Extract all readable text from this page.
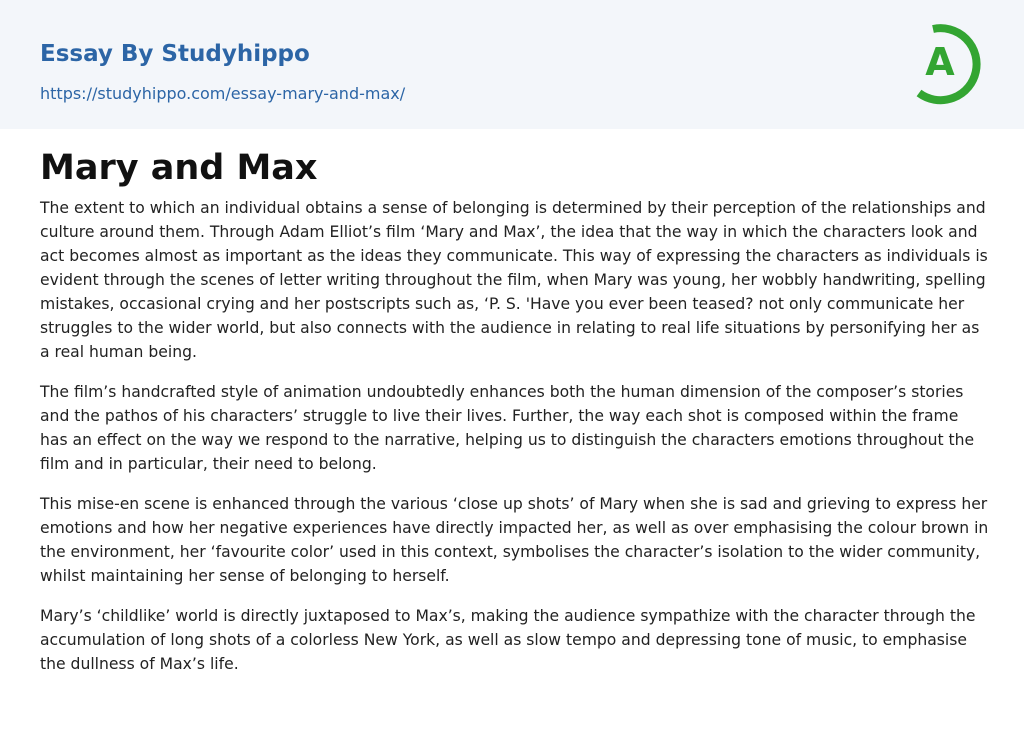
Essay By Studyhippo
https://studyhippo.com/essay-mary-and-max/
A
Mary and Max

The extent to which an individual obtains a sense of belonging is determined by their perception of the relationships and culture around them. Through Adam Elliot’s film ‘Mary and Max’, the idea that the way in which the characters look and act becomes almost as important as the ideas they communicate. This way of expressing the characters as individuals is evident through the scenes of letter writing throughout the film, when Mary was young, her wobbly handwriting, spelling mistakes, occasional crying and her postscripts such as, ‘P. S. 'Have you ever been teased? not only communicate her struggles to the wider world, but also connects with the audience in relating to real life situations by personifying her as a real human being.

The film’s handcrafted style of animation undoubtedly enhances both the human dimension of the composer’s stories and the pathos of his characters’ struggle to live their lives. Further, the way each shot is composed within the frame has an effect on the way we respond to the narrative, helping us to distinguish the characters emotions throughout the film and in particular, their need to belong.

This mise-en scene is enhanced through the various ‘close up shots’ of Mary when she is sad and grieving to express her emotions and how her negative experiences have directly impacted her, as well as over emphasising the colour brown in the environment, her ‘favourite color’ used in this context, symbolises the character’s isolation to the wider community, whilst maintaining her sense of belonging to herself.

Mary’s ‘childlike’ world is directly juxtaposed to Max’s, making the audience sympathize with the character through the accumulation of long shots of a colorless New York, as well as slow tempo and depressing tone of music, to emphasise the dullness of Max’s life.
